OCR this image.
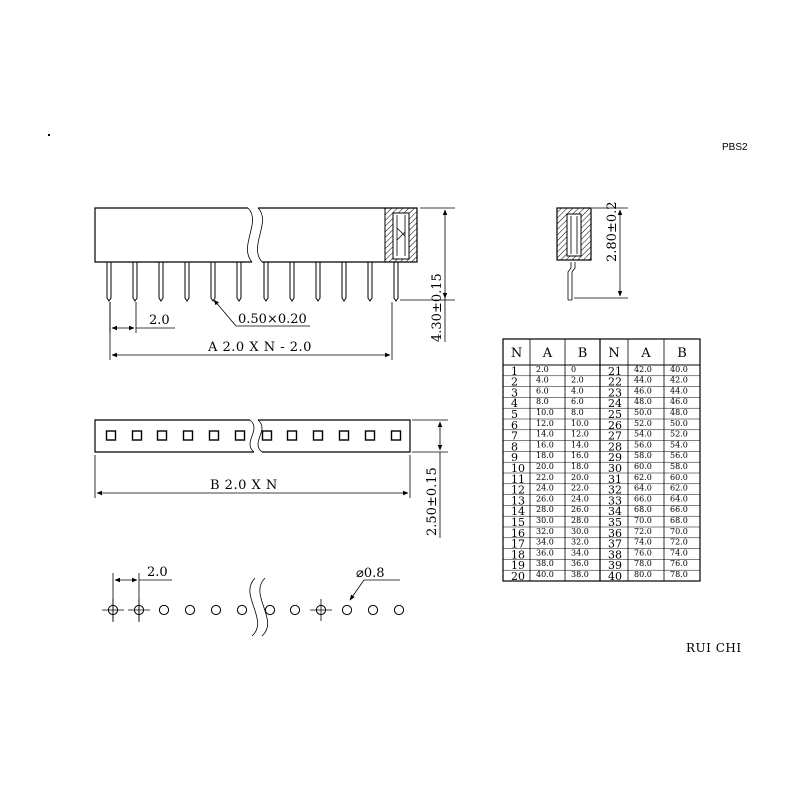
PBS2
2.0	0.50×0.20
A 2.0 X N - 2.0
4.30±0.15
2.80±0.2
B 2.0 X N	2.50±0.15
2.0	⌀0.8
N A B N A B
1 2.0	0	21 42.0 40.0
2 4.0	2.0 22 44.0 42.0
3 6.0	4.0 23 46.0 44.0
4 8.0	6.0 24 48.0 46.0
5 10.0 8.0 25 50.0 48.0
6 12.0 10.0 26 52.0 50.0
7 14.0 12.0 27 54.0 52.0
8 16.0 14.0 28 56.0 54.0
9 18.0 16.0 29 58.0 56.0
10 20.0 18.0 30 60.0 58.0
11 22.0 20.0 31 62.0 60.0
12 24.0 22.0 32 64.0 62.0
13 26.0 24.0 33 66.0 64.0
14 28.0 26.0 34 68.0 66.0
15 30.0 28.0 35 70.0 68.0
16 32.0 30.0 36 72.0 70.0
17 34.0 32.0 37 74.0 72.0
18 36.0 34.0 38 76.0 74.0
19 38.0 36.0 39 78.0 76.0
20 40.0 38.0 40 80.0 78.0
RUI CHI
